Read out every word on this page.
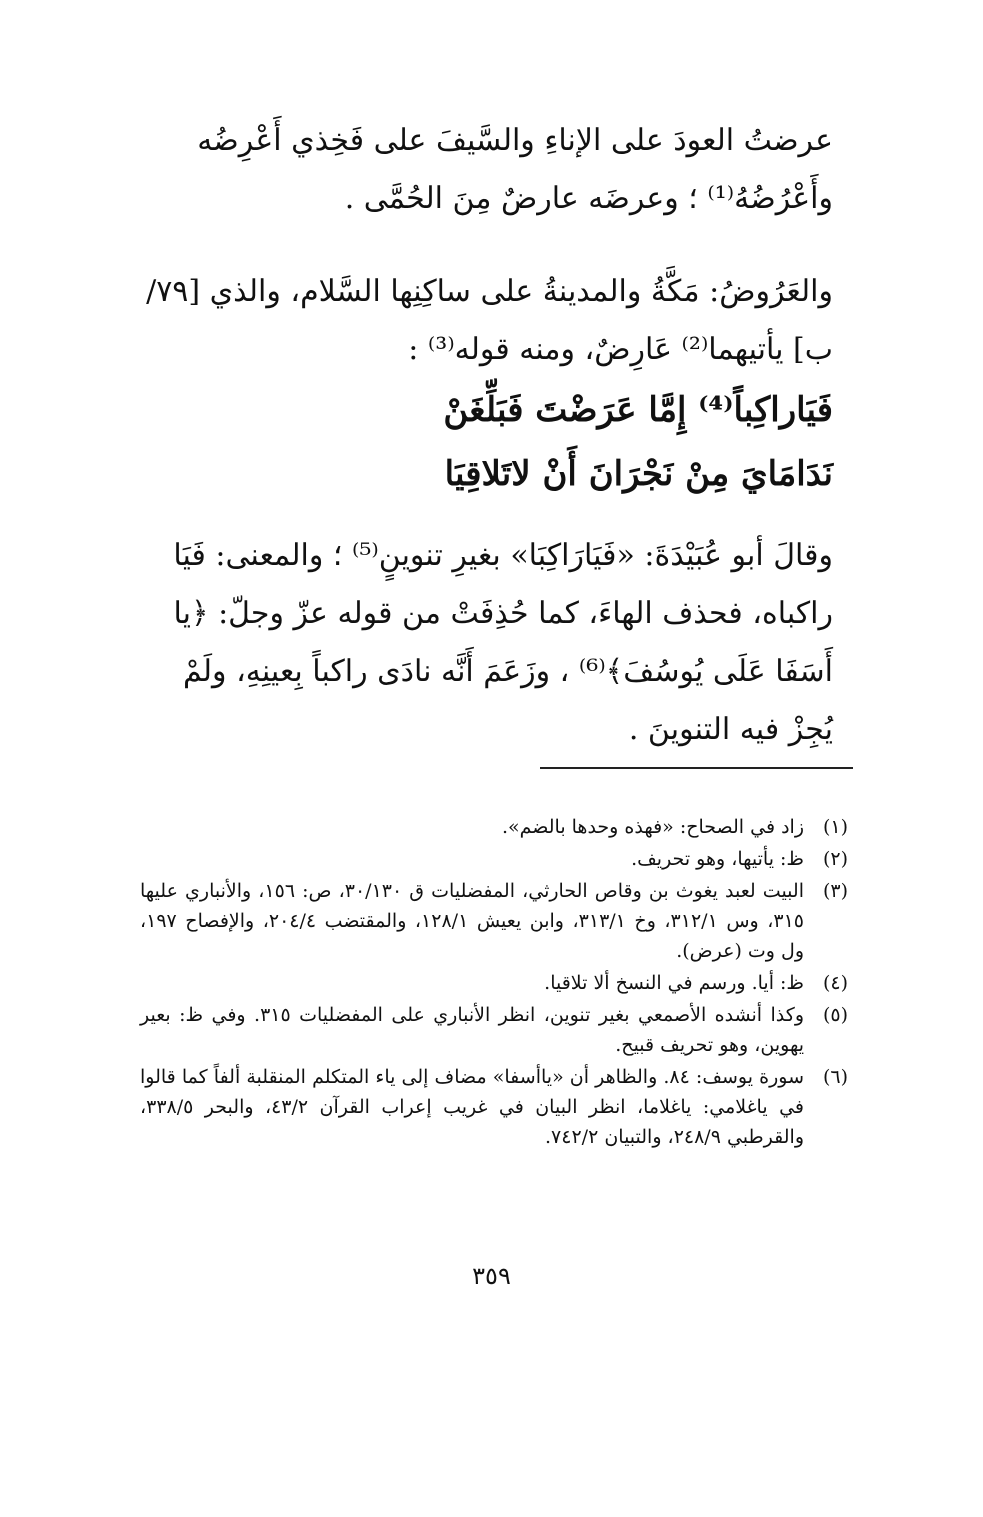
عرضتُ العودَ على الإناءِ والسَّيفَ على فَخِذي أَعْرِضُه وأَعْرُضُهُ⁽¹⁾ ؛ وعرضَه عارضٌ مِنَ الحُمَّى .
والعَرُوضُ: مَكَّةُ والمدينةُ على ساكِنِها السَّلام، والذي [٧٩/ب] يأتيهما⁽²⁾ عَارِضٌ، ومنه قوله⁽³⁾ :
فَيَاراكِباً⁽⁴⁾ إِمَّا عَرَضْتَ فَبَلِّغَنْ
نَدَامَايَ مِنْ نَجْرَانَ أَنْ لاتَلاقِيَا
وقالَ أبو عُبَيْدَةَ: «فَيَارَاكِبَا» بغيرِ تنوينٍ⁽⁵⁾ ؛ والمعنى: فَيَا راكباه، فحذف الهاءَ، كما حُذِفَتْ من قوله عزّ وجلّ: ﴿يا أَسَفَا عَلَى يُوسُفَ﴾⁽⁶⁾ ، وزَعَمَ أَنَّه نادَى راكباً بِعينِهِ، ولَمْ يُجِزْ فيه التنوينَ .
(١)
زاد في الصحاح: «فهذه وحدها بالضم».
(٢)
ظ: يأتيها، وهو تحريف.
(٣)
البيت لعبد يغوث بن وقاص الحارثي، المفضليات ق ٣٠/١٣٠، ص: ١٥٦، والأنباري عليها ٣١٥، وس ٣١٢/١، وخ ٣١٣/١، وابن يعيش ١٢٨/١، والمقتضب ٢٠٤/٤، والإفصاح ١٩٧، ول وت (عرض).
(٤)
ظ: أيا. ورسم في النسخ ألا تلاقيا.
(٥)
وكذا أنشده الأصمعي بغير تنوين، انظر الأنباري على المفضليات ٣١٥. وفي ظ: بعير يهوين، وهو تحريف قبيح.
(٦)
سورة يوسف: ٨٤. والظاهر أن «ياأسفا» مضاف إلى ياء المتكلم المنقلبة ألفاً كما قالوا في ياغلامي: ياغلاما، انظر البيان في غريب إعراب القرآن ٤٣/٢، والبحر ٣٣٨/٥، والقرطبي ٢٤٨/٩، والتبيان ٧٤٢/٢.
٣٥٩
